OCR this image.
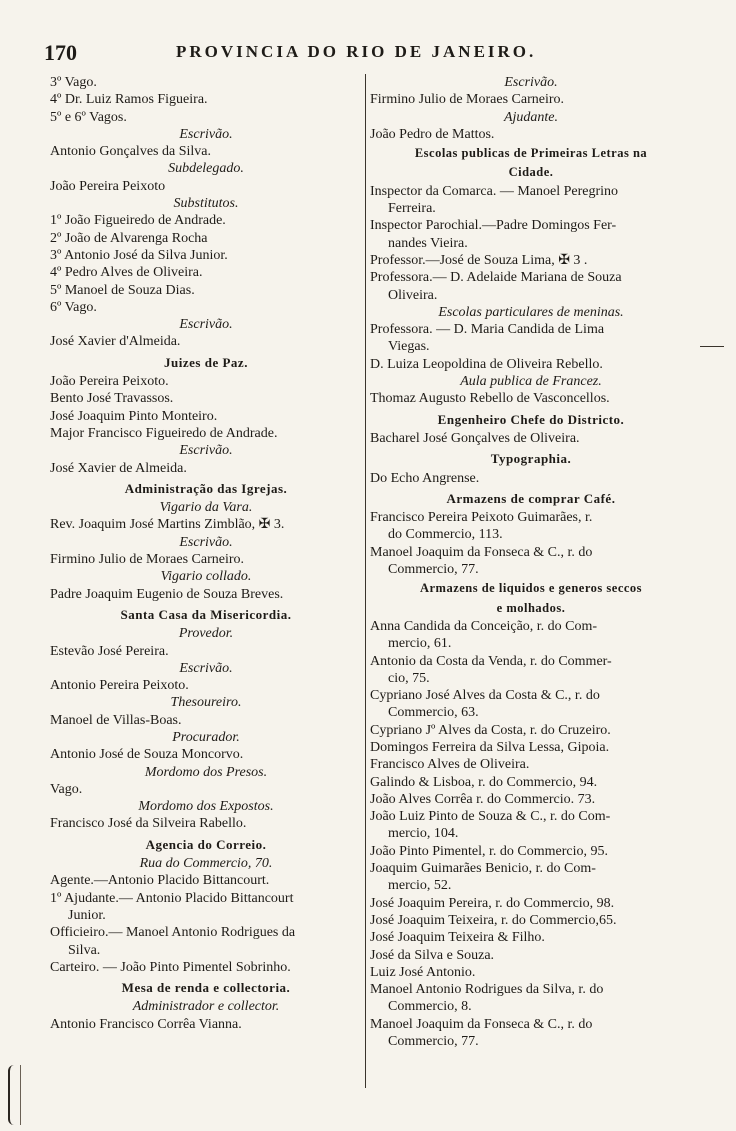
170	PROVINCIA DO RIO DE JANEIRO.
3º Vago.
4º Dr. Luiz Ramos Figueira.
5º e 6º Vagos.
Escrivão.
Antonio Gonçalves da Silva.
Subdelegado.
João Pereira Peixoto
Substitutos.
1º João Figueiredo de Andrade.
2º João de Alvarenga Rocha
3º Antonio José da Silva Junior.
4º Pedro Alves de Oliveira.
5º Manoel de Souza Dias.
6º Vago.
Escrivão.
José Xavier d'Almeida.
Juizes de Paz.
João Pereira Peixoto.
Bento José Travassos.
José Joaquim Pinto Monteiro.
Major Francisco Figueiredo de Andrade.
Escrivão.
José Xavier de Almeida.
Administração das Igrejas.
Vigario da Vara.
Rev. Joaquim José Martins Zimblão, ✠ 3.
Escrivão.
Firmino Julio de Moraes Carneiro.
Vigario collado.
Padre Joaquim Eugenio de Souza Breves.
Santa Casa da Misericordia.
Provedor.
Estevão José Pereira.
Escrivão.
Antonio Pereira Peixoto.
Thesoureiro.
Manoel de Villas-Boas.
Procurador.
Antonio José de Souza Moncorvo.
Mordomo dos Presos.
Vago.
Mordomo dos Expostos.
Francisco José da Silveira Rabello.
Agencia do Correio.
Rua do Commercio, 70.
Agente.—Antonio Placido Bittancourt.
1º Ajudante.— Antonio Placido Bittancourt
Junior.
Officieiro.— Manoel Antonio Rodrigues da
Silva.
Carteiro. — João Pinto Pimentel Sobrinho.
Mesa de renda e collectoria.
Administrador e collector.
Antonio Francisco Corrêa Vianna.
Escrivão.
Firmino Julio de Moraes Carneiro.
Ajudante.
João Pedro de Mattos.
Escolas publicas de Primeiras Letras na
Cidade.
Inspector da Comarca. — Manoel Peregrino
Ferreira.
Inspector Parochial.—Padre Domingos Fer-
nandes Vieira.
Professor.—José de Souza Lima, ✠ 3 .
Professora.— D. Adelaide Mariana de Souza
Oliveira.
Escolas particulares de meninas.
Professora. — D. Maria Candida de Lima
Viegas.
D. Luiza Leopoldina de Oliveira Rebello.
Aula publica de Francez.
Thomaz Augusto Rebello de Vasconcellos.
Engenheiro Chefe do Districto.
Bacharel José Gonçalves de Oliveira.
Typographia.
Do Echo Angrense.
Armazens de comprar Café.
Francisco Pereira Peixoto Guimarães, r.
do Commercio, 113.
Manoel Joaquim da Fonseca & C., r. do
Commercio, 77.
Armazens de liquidos e generos seccos
e molhados.
Anna Candida da Conceição, r. do Com-
mercio, 61.
Antonio da Costa da Venda, r. do Commer-
cio, 75.
Cypriano José Alves da Costa & C., r. do
Commercio, 63.
Cypriano Jº Alves da Costa, r. do Cruzeiro.
Domingos Ferreira da Silva Lessa, Gipoia.
Francisco Alves de Oliveira.
Galindo & Lisboa, r. do Commercio, 94.
João Alves Corrêa r. do Commercio. 73.
João Luiz Pinto de Souza & C., r. do Com-
mercio, 104.
João Pinto Pimentel, r. do Commercio, 95.
Joaquim Guimarães Benicio, r. do Com-
mercio, 52.
José Joaquim Pereira, r. do Commercio, 98.
José Joaquim Teixeira, r. do Commercio,65.
José Joaquim Teixeira & Filho.
José da Silva e Souza.
Luiz José Antonio.
Manoel Antonio Rodrigues da Silva, r. do
Commercio, 8.
Manoel Joaquim da Fonseca & C., r. do
Commercio, 77.
